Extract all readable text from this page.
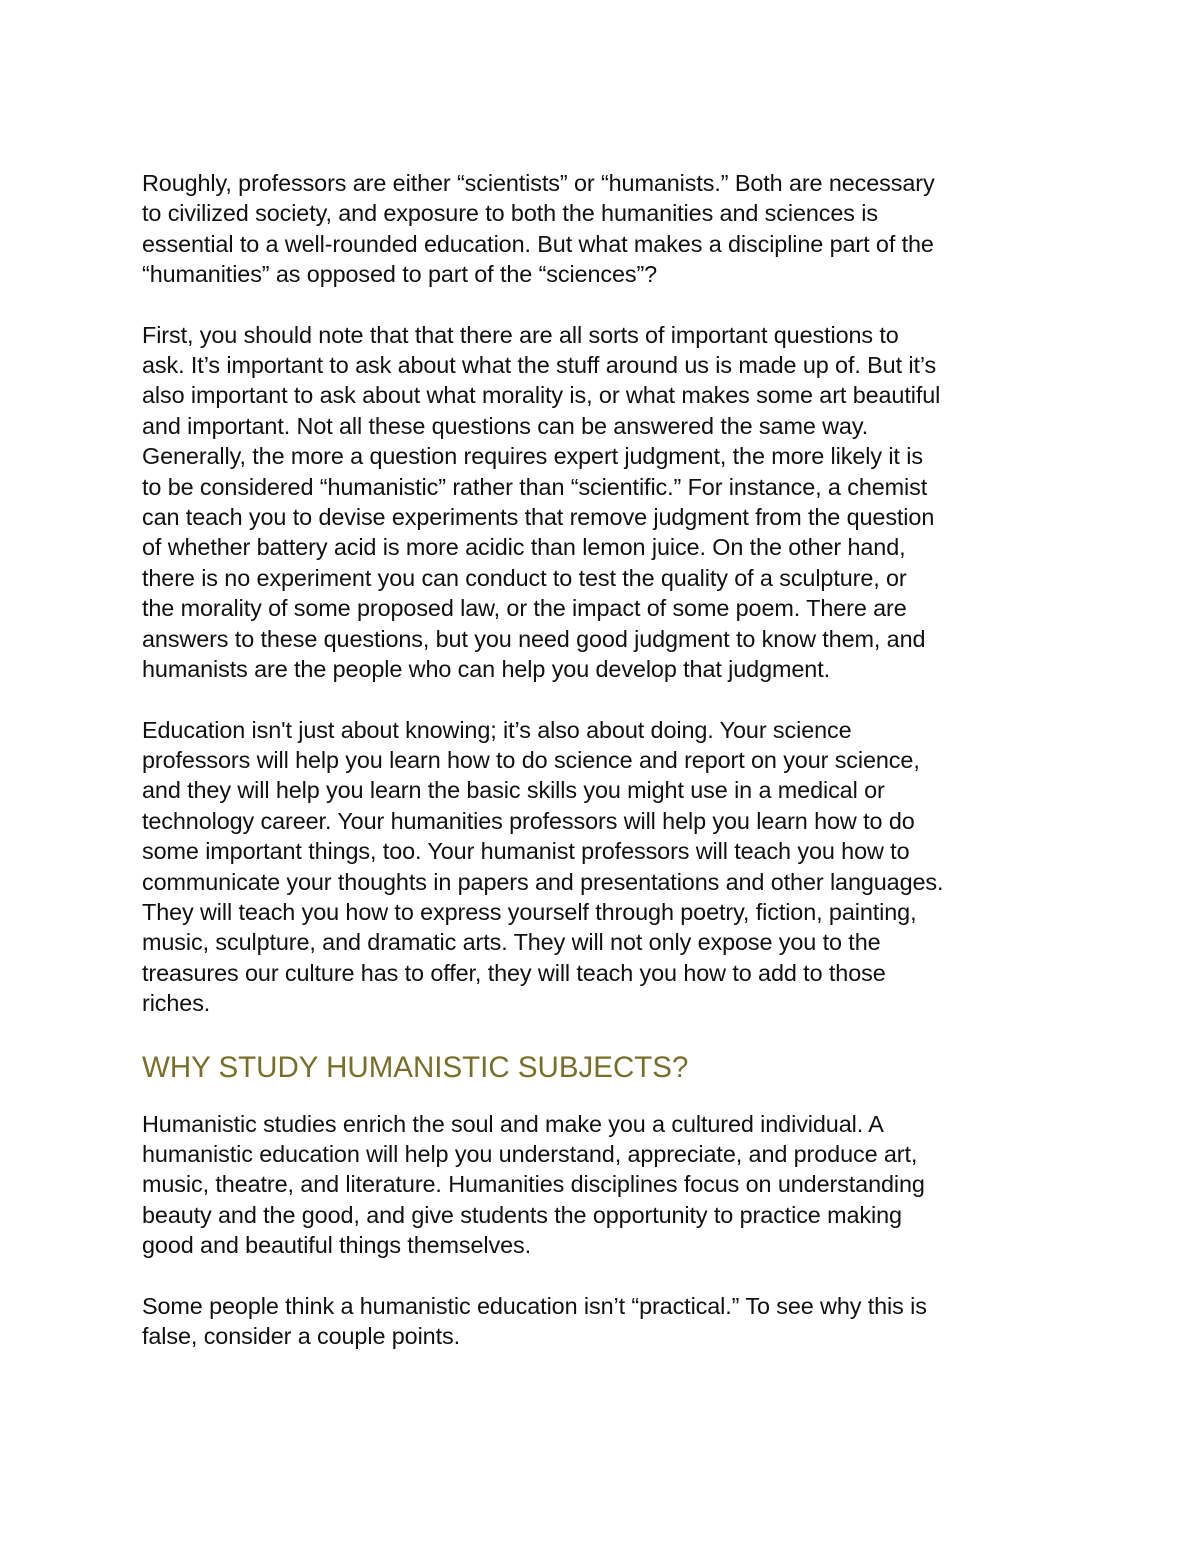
Roughly, professors are either “scientists” or “humanists.” Both are necessary
to civilized society, and exposure to both the humanities and sciences is
essential to a well-rounded education. But what makes a discipline part of the
“humanities” as opposed to part of the “sciences”?

First, you should note that that there are all sorts of important questions to
ask. It’s important to ask about what the stuff around us is made up of. But it’s
also important to ask about what morality is, or what makes some art beautiful
and important. Not all these questions can be answered the same way.
Generally, the more a question requires expert judgment, the more likely it is
to be considered “humanistic” rather than “scientific.” For instance, a chemist
can teach you to devise experiments that remove judgment from the question
of whether battery acid is more acidic than lemon juice. On the other hand,
there is no experiment you can conduct to test the quality of a sculpture, or
the morality of some proposed law, or the impact of some poem. There are
answers to these questions, but you need good judgment to know them, and
humanists are the people who can help you develop that judgment.

Education isn't just about knowing; it’s also about doing. Your science
professors will help you learn how to do science and report on your science,
and they will help you learn the basic skills you might use in a medical or
technology career. Your humanities professors will help you learn how to do
some important things, too. Your humanist professors will teach you how to
communicate your thoughts in papers and presentations and other languages.
They will teach you how to express yourself through poetry, fiction, painting,
music, sculpture, and dramatic arts. They will not only expose you to the
treasures our culture has to offer, they will teach you how to add to those
riches.

WHY STUDY HUMANISTIC SUBJECTS?

Humanistic studies enrich the soul and make you a cultured individual. A
humanistic education will help you understand, appreciate, and produce art,
music, theatre, and literature. Humanities disciplines focus on understanding
beauty and the good, and give students the opportunity to practice making
good and beautiful things themselves.

Some people think a humanistic education isn’t “practical.” To see why this is
false, consider a couple points.
